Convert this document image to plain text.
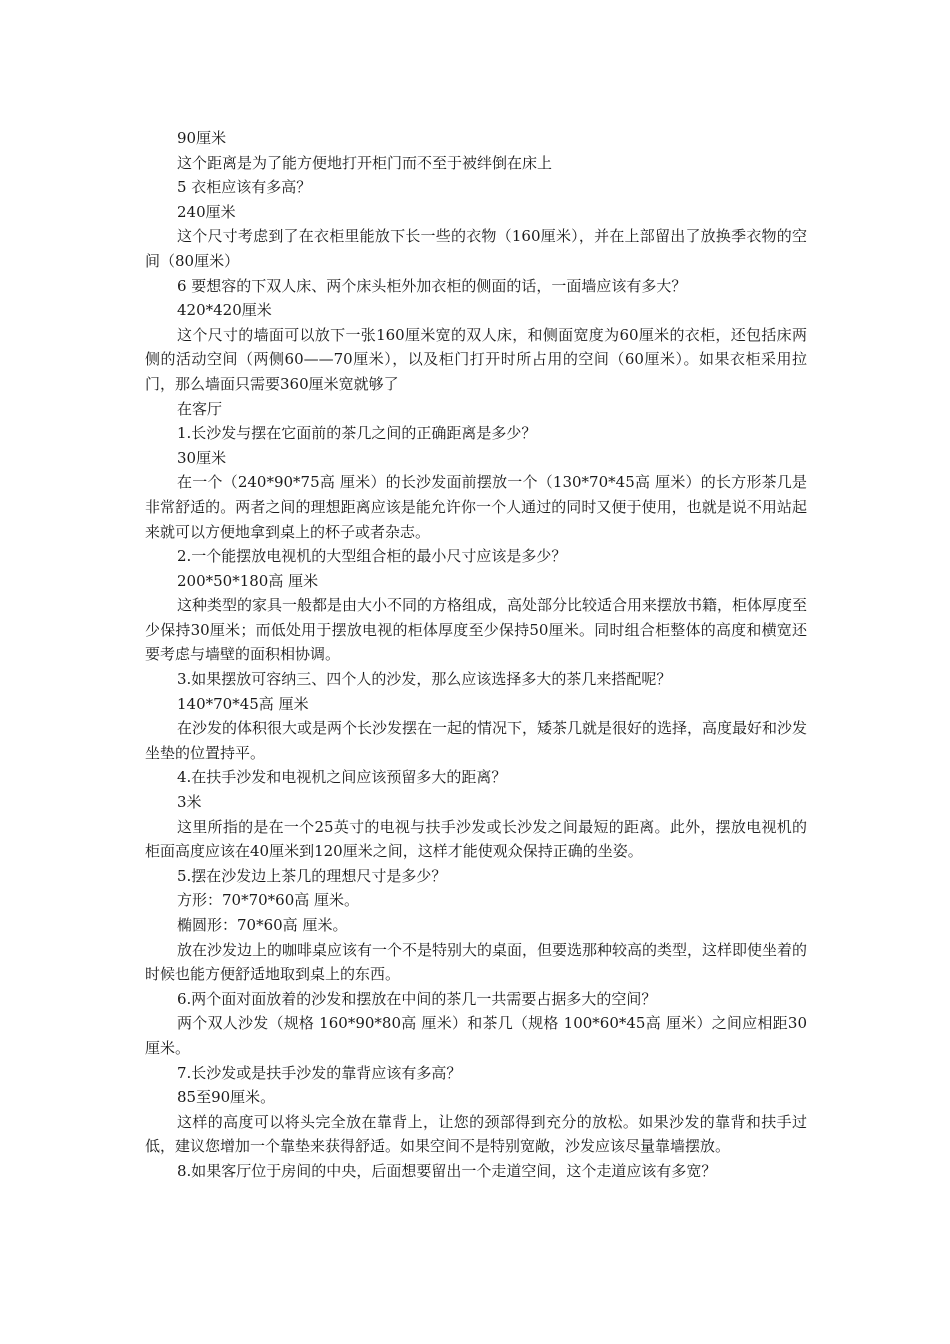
90厘米

这个距离是为了能方便地打开柜门而不至于被绊倒在床上

5 衣柜应该有多高？

240厘米

这个尺寸考虑到了在衣柜里能放下长一些的衣物（160厘米），并在上部留出了放换季衣物的空间（80厘米）

6 要想容的下双人床、两个床头柜外加衣柜的侧面的话，一面墙应该有多大？

420*420厘米

这个尺寸的墙面可以放下一张160厘米宽的双人床，和侧面宽度为60厘米的衣柜，还包括床两侧的活动空间（两侧60——70厘米），以及柜门打开时所占用的空间（60厘米）。如果衣柜采用拉门，那么墙面只需要360厘米宽就够了

在客厅

1.长沙发与摆在它面前的茶几之间的正确距离是多少？

30厘米

在一个（240*90*75高 厘米）的长沙发面前摆放一个（130*70*45高 厘米）的长方形茶几是非常舒适的。两者之间的理想距离应该是能允许你一个人通过的同时又便于使用，也就是说不用站起来就可以方便地拿到桌上的杯子或者杂志。

2.一个能摆放电视机的大型组合柜的最小尺寸应该是多少？

200*50*180高 厘米

这种类型的家具一般都是由大小不同的方格组成，高处部分比较适合用来摆放书籍，柜体厚度至少保持30厘米；而低处用于摆放电视的柜体厚度至少保持50厘米。同时组合柜整体的高度和横宽还要考虑与墙壁的面积相协调。

3.如果摆放可容纳三、四个人的沙发，那么应该选择多大的茶几来搭配呢？

140*70*45高 厘米

在沙发的体积很大或是两个长沙发摆在一起的情况下，矮茶几就是很好的选择，高度最好和沙发坐垫的位置持平。

4.在扶手沙发和电视机之间应该预留多大的距离？

3米

这里所指的是在一个25英寸的电视与扶手沙发或长沙发之间最短的距离。此外，摆放电视机的柜面高度应该在40厘米到120厘米之间，这样才能使观众保持正确的坐姿。

5.摆在沙发边上茶几的理想尺寸是多少？

方形：70*70*60高 厘米。

椭圆形：70*60高 厘米。

放在沙发边上的咖啡桌应该有一个不是特别大的桌面，但要选那种较高的类型，这样即使坐着的时候也能方便舒适地取到桌上的东西。

6.两个面对面放着的沙发和摆放在中间的茶几一共需要占据多大的空间？

两个双人沙发（规格 160*90*80高 厘米）和茶几（规格 100*60*45高 厘米）之间应相距30厘米。

7.长沙发或是扶手沙发的靠背应该有多高？

85至90厘米。

这样的高度可以将头完全放在靠背上，让您的颈部得到充分的放松。如果沙发的靠背和扶手过低，建议您增加一个靠垫来获得舒适。如果空间不是特别宽敞，沙发应该尽量靠墙摆放。

8.如果客厅位于房间的中央，后面想要留出一个走道空间，这个走道应该有多宽？
